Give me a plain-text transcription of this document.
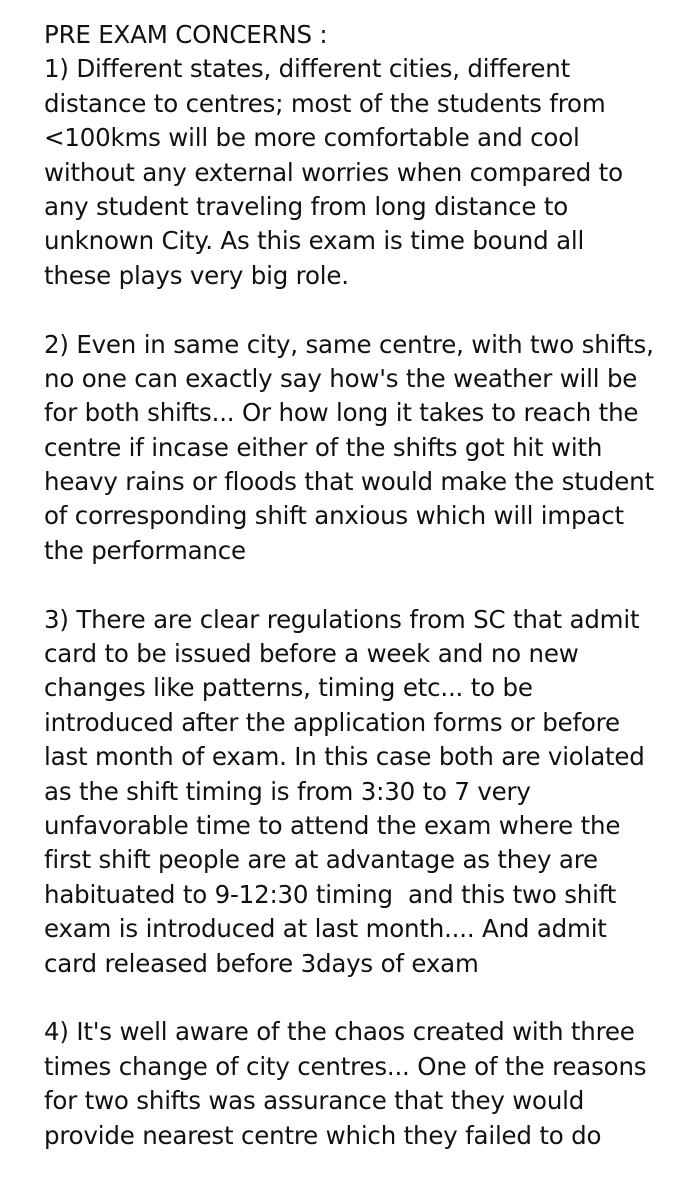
PRE EXAM CONCERNS :
1) Different states, different cities, different
distance to centres; most of the students from
<100kms will be more comfortable and cool
without any external worries when compared to
any student traveling from long distance to
unknown City. As this exam is time bound all
these plays very big role.
2) Even in same city, same centre, with two shifts,
no one can exactly say how's the weather will be
for both shifts... Or how long it takes to reach the
centre if incase either of the shifts got hit with
heavy rains or floods that would make the student
of corresponding shift anxious which will impact
the performance
3) There are clear regulations from SC that admit
card to be issued before a week and no new
changes like patterns, timing etc... to be
introduced after the application forms or before
last month of exam. In this case both are violated
as the shift timing is from 3:30 to 7 very
unfavorable time to attend the exam where the
first shift people are at advantage as they are
habituated to 9-12:30 timing  and this two shift
exam is introduced at last month.... And admit
card released before 3days of exam
4) It's well aware of the chaos created with three
times change of city centres... One of the reasons
for two shifts was assurance that they would
provide nearest centre which they failed to do
